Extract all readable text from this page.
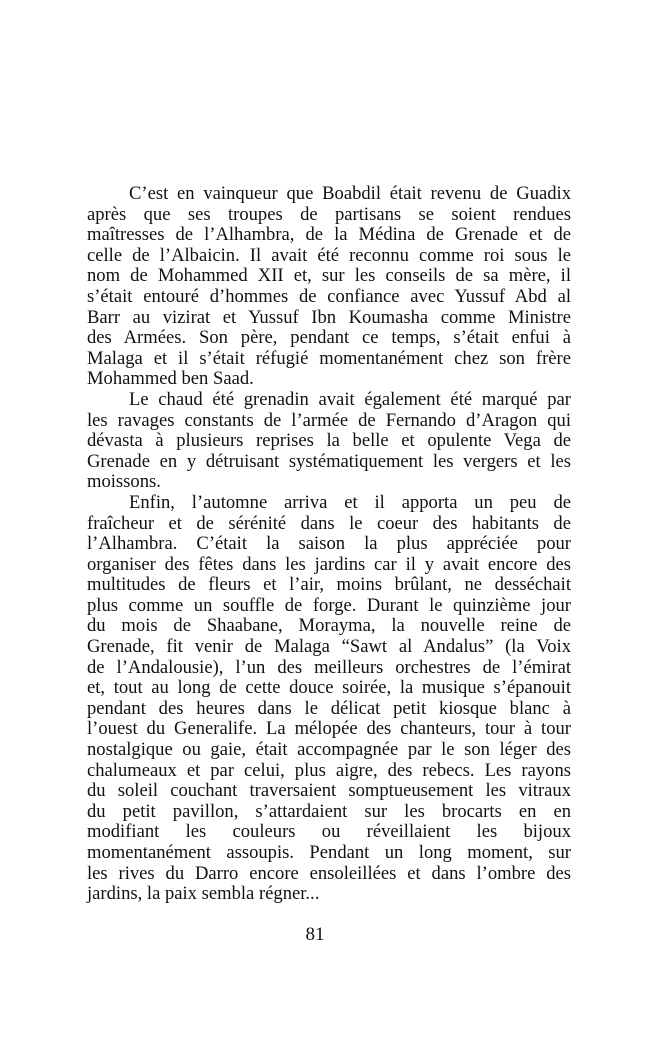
C’est en vainqueur que Boabdil était revenu de Guadix
après que ses troupes de partisans se soient rendues
maîtresses de l’Alhambra, de la Médina de Grenade et de
celle de l’Albaicin. Il avait été reconnu comme roi sous le
nom de Mohammed XII et, sur les conseils de sa mère, il
s’était entouré d’hommes de confiance avec Yussuf Abd al
Barr au vizirat et Yussuf Ibn Koumasha comme Ministre
des Armées. Son père, pendant ce temps, s’était enfui à
Malaga et il s’était réfugié momentanément chez son frère
Mohammed ben Saad.
Le chaud été grenadin avait également été marqué par
les ravages constants de l’armée de Fernando d’Aragon qui
dévasta à plusieurs reprises la belle et opulente Vega de
Grenade en y détruisant systématiquement les vergers et les
moissons.
Enfin, l’automne arriva et il apporta un peu de
fraîcheur et de sérénité dans le coeur des habitants de
l’Alhambra. C’était la saison la plus appréciée pour
organiser des fêtes dans les jardins car il y avait encore des
multitudes de fleurs et l’air, moins brûlant, ne desséchait
plus comme un souffle de forge. Durant le quinzième jour
du mois de Shaabane, Morayma, la nouvelle reine de
Grenade, fit venir de Malaga “Sawt al Andalus” (la Voix
de l’Andalousie), l’un des meilleurs orchestres de l’émirat
et, tout au long de cette douce soirée, la musique s’épanouit
pendant des heures dans le délicat petit kiosque blanc à
l’ouest du Generalife. La mélopée des chanteurs, tour à tour
nostalgique ou gaie, était accompagnée par le son léger des
chalumeaux et par celui, plus aigre, des rebecs. Les rayons
du soleil couchant traversaient somptueusement les vitraux
du petit pavillon, s’attardaient sur les brocarts en en
modifiant les couleurs ou réveillaient les bijoux
momentanément assoupis. Pendant un long moment, sur
les rives du Darro encore ensoleillées et dans l’ombre des
jardins, la paix sembla régner...
81
